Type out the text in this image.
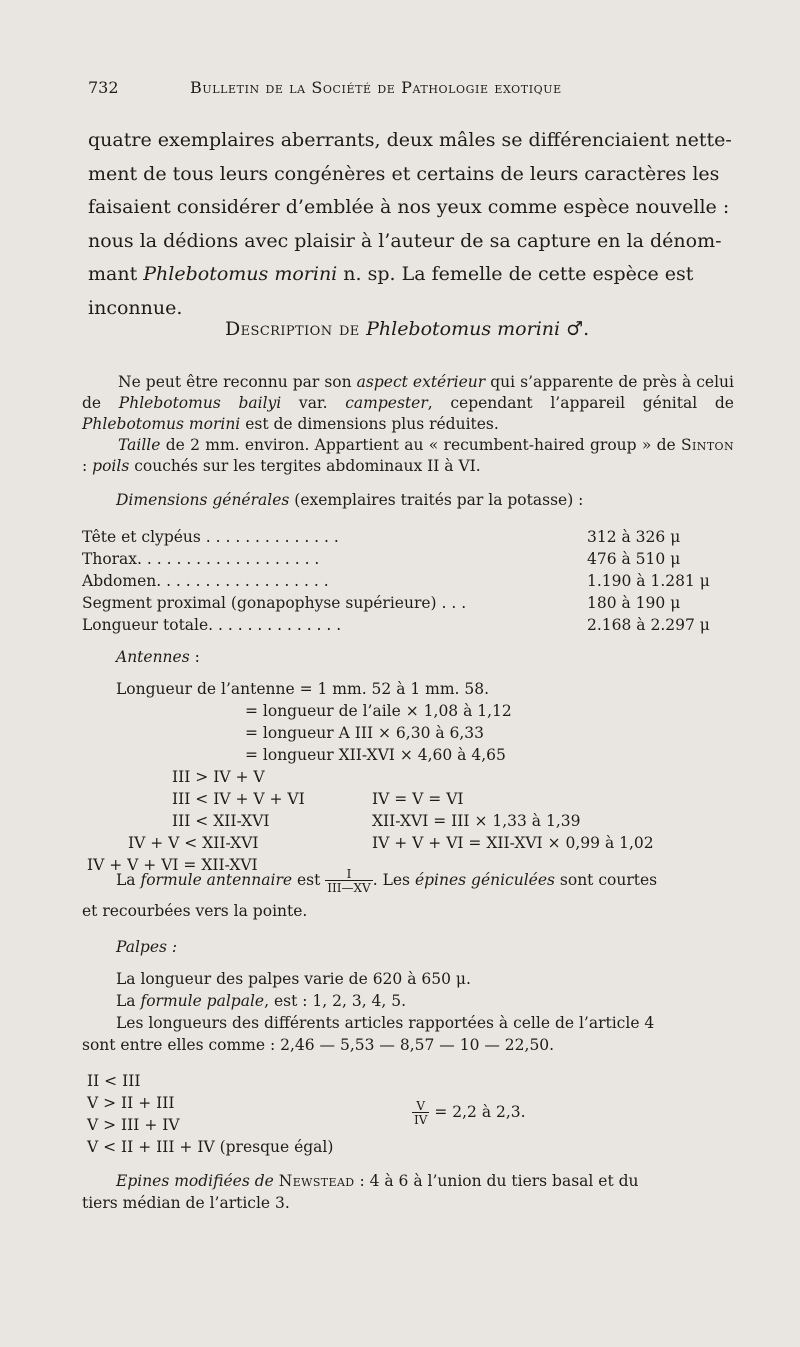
732	Bulletin de la Société de Pathologie exotique

quatre exemplaires aberrants, deux mâles se différenciaient nette-

ment de tous leurs congénères et certains de leurs caractères les

faisaient considérer d’emblée à nos yeux comme espèce nouvelle :

nous la dédions avec plaisir à l’auteur de sa capture en la dénom-

mant Phlebotomus morini n. sp. La femelle de cette espèce est

inconnue.

Description de Phlebotomus morini ♂.

Ne peut être reconnu par son aspect extérieur qui s’apparente de près à celui de Phlebotomus bailyi var. campester, cependant l’appareil génital de Phlebotomus morini est de dimensions plus réduites.

Taille de 2 mm. environ. Appartient au « recumbent-haired group » de Sinton : poils couchés sur les tergites abdominaux II à VI.

Dimensions générales (exemplaires traités par la potasse) :
Tête et clypéus . . . . . . . . . . . . . .	312 à 326 μ
Thorax. . . . . . . . . . . . . . . . . . .	476 à 510 μ
Abdomen. . . . . . . . . . . . . . . . . .	1.190 à 1.281 μ
Segment proximal (gonapophyse supérieure) . . .	180 à 190 μ
Longueur totale. . . . . . . . . . . . . .	2.168 à 2.297 μ
Antennes :
Longueur de l’antenne = 1 mm. 52 à 1 mm. 58.
= longueur de l’aile × 1,08 à 1,12
= longueur A III × 6,30 à 6,33
= longueur XII-XVI × 4,60 à 4,65
III > IV + V
III < IV + V + VI
III < XII-XVI
IV + V < XII-XVI
IV + V + VI = XII-XVI
IV = V = VI
XII-XVI = III × 1,33 à 1,39
IV + V + VI = XII-XVI × 0,99 à 1,02
La formule antennaire est $\frac{I}{\text{III—XV}}$ . Les épines géniculées sont courtes
et recourbées vers la pointe.
Palpes :
La longueur des palpes varie de 620 à 650 μ.
La formule palpale, est : 1, 2, 3, 4, 5.
Les longueurs des différents articles rapportées à celle de l’article 4
sont entre elles comme : 2,46 — 5,53 — 8,57 — 10 — 22,50.
II < III
V > II + III
V > III + IV
V < II + III + IV (presque égal)
$\frac{V}{IV} = 2,2$ à 2,3.
Epines modifiées de Newstead : 4 à 6 à l’union du tiers basal et du
tiers médian de l’article 3.
